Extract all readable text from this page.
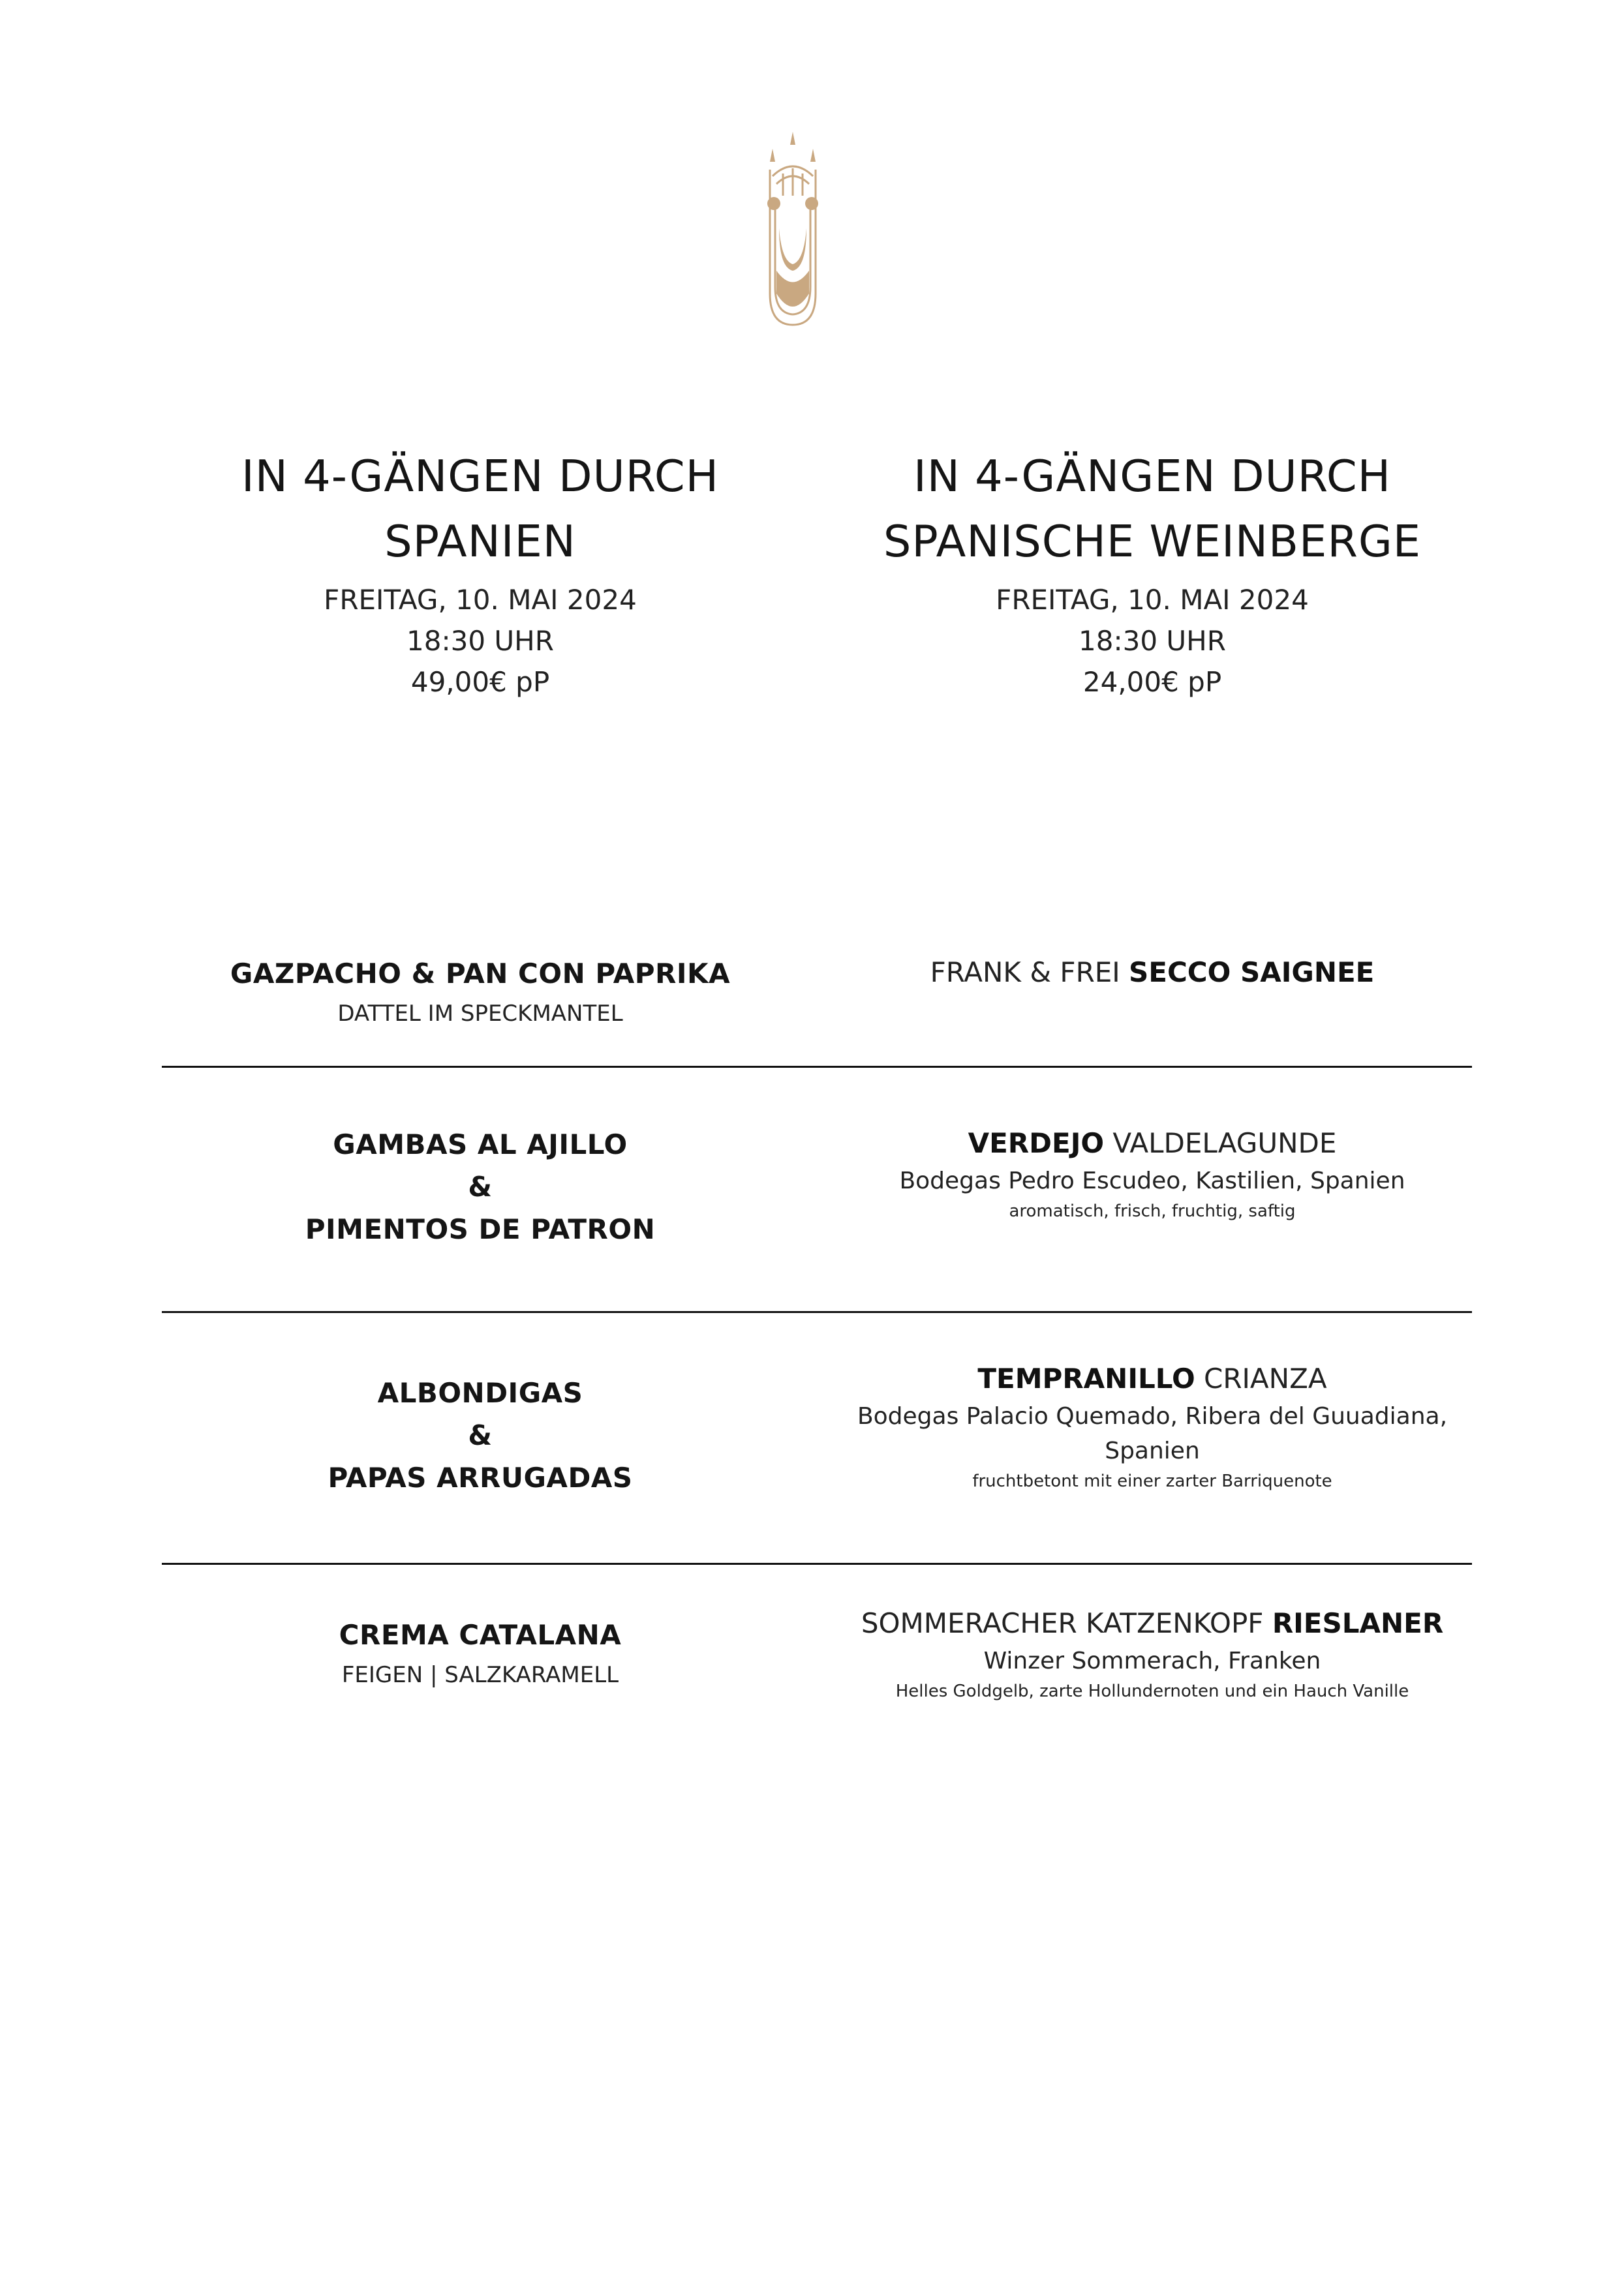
IN 4-GÄNGEN DURCH
SPANIEN
FREITAG, 10. MAI 2024
18:30 UHR
49,00€ pP
IN 4-GÄNGEN DURCH
SPANISCHE WEINBERGE
FREITAG, 10. MAI 2024
18:30 UHR
24,00€ pP
GAZPACHO & PAN CON PAPRIKA
DATTEL IM SPECKMANTEL
FRANK & FREI SECCO SAIGNEE
GAMBAS AL AJILLO
&
PIMENTOS DE PATRON
VERDEJO VALDELAGUNDE
Bodegas Pedro Escudeo, Kastilien, Spanien
aromatisch, frisch, fruchtig, saftig
ALBONDIGAS
&
PAPAS ARRUGADAS
TEMPRANILLO CRIANZA
Bodegas Palacio Quemado, Ribera del Guuadiana,
Spanien
fruchtbetont mit einer zarter Barriquenote
CREMA CATALANA
FEIGEN | SALZKARAMELL
SOMMERACHER KATZENKOPF RIESLANER
Winzer Sommerach, Franken
Helles Goldgelb, zarte Hollundernoten und ein Hauch Vanille
